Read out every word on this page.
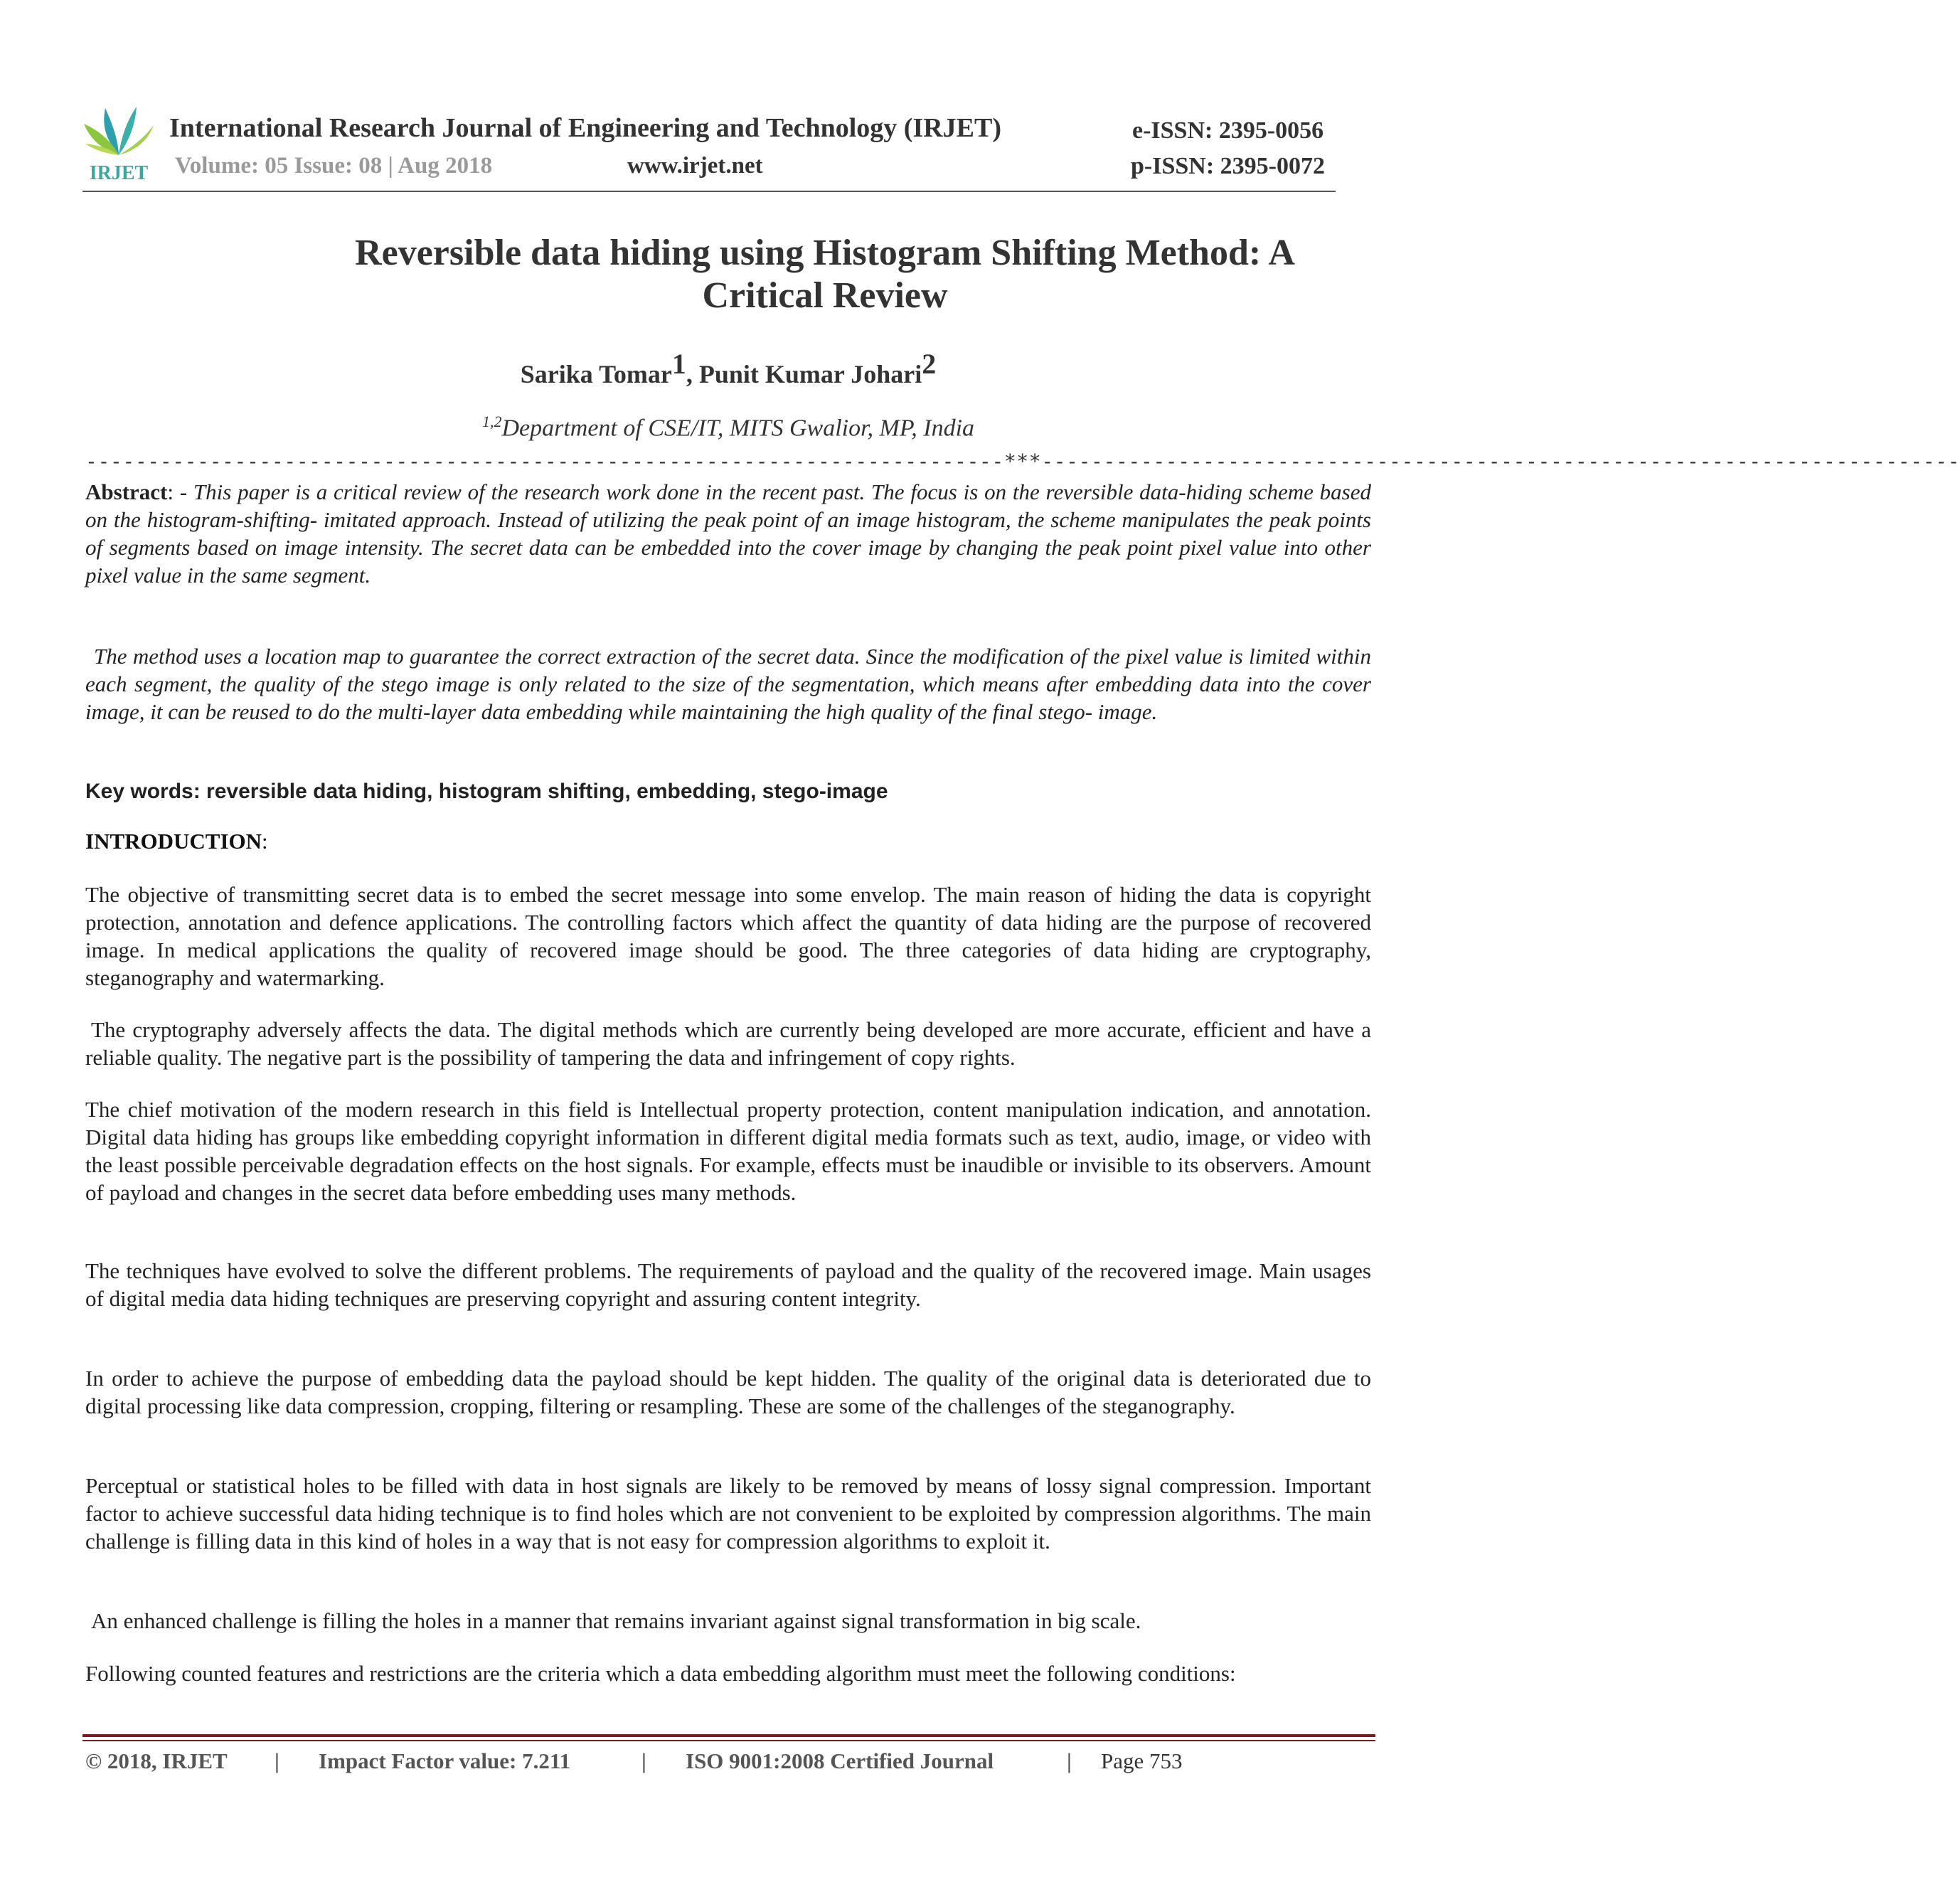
IRJET
International Research Journal of Engineering and Technology (IRJET)	e-ISSN: 2395-0056
Volume: 05 Issue: 08 | Aug 2018	www.irjet.net	p-ISSN: 2395-0072
Reversible data hiding using Histogram Shifting Method: A
Critical Review
Sarika Tomar$^1$, Punit Kumar Johari$^2$
$^{1,2}$Department of CSE/IT, MITS Gwalior, MP, India
--------------------------------------------------------------------------***--------------------------------------------------------------------------
Abstract: - This paper is a critical review of the research work done in the recent past. The focus is on the reversible data-hiding scheme based on the histogram-shifting- imitated approach. Instead of utilizing the peak point of an image histogram, the scheme manipulates the peak points of segments based on image intensity. The secret data can be embedded into the cover image by changing the peak point pixel value into other pixel value in the same segment.
The method uses a location map to guarantee the correct extraction of the secret data. Since the modification of the pixel value is limited within each segment, the quality of the stego image is only related to the size of the segmentation, which means after embedding data into the cover image, it can be reused to do the multi-layer data embedding while maintaining the high quality of the final stego- image.
Key words: reversible data hiding, histogram shifting, embedding, stego-image
INTRODUCTION:
The objective of transmitting secret data is to embed the secret message into some envelop. The main reason of hiding the data is copyright protection, annotation and defence applications. The controlling factors which affect the quantity of data hiding are the purpose of recovered image. In medical applications the quality of recovered image should be good. The three categories of data hiding are cryptography, steganography and watermarking.
The cryptography adversely affects the data. The digital methods which are currently being developed are more accurate, efficient and have a reliable quality. The negative part is the possibility of tampering the data and infringement of copy rights.
The chief motivation of the modern research in this field is Intellectual property protection, content manipulation indication, and annotation. Digital data hiding has groups like embedding copyright information in different digital media formats such as text, audio, image, or video with the least possible perceivable degradation effects on the host signals. For example, effects must be inaudible or invisible to its observers. Amount of payload and changes in the secret data before embedding uses many methods.
The techniques have evolved to solve the different problems. The requirements of payload and the quality of the recovered image. Main usages of digital media data hiding techniques are preserving copyright and assuring content integrity.
In order to achieve the purpose of embedding data the payload should be kept hidden. The quality of the original data is deteriorated due to digital processing like data compression, cropping, filtering or resampling. These are some of the challenges of the steganography.
Perceptual or statistical holes to be filled with data in host signals are likely to be removed by means of lossy signal compression. Important factor to achieve successful data hiding technique is to find holes which are not convenient to be exploited by compression algorithms. The main challenge is filling data in this kind of holes in a way that is not easy for compression algorithms to exploit it.
An enhanced challenge is filling the holes in a manner that remains invariant against signal transformation in big scale.
Following counted features and restrictions are the criteria which a data embedding algorithm must meet the following conditions:
© 2018, IRJET | Impact Factor value: 7.211	| ISO 9001:2008 Certified Journal	| Page 753
